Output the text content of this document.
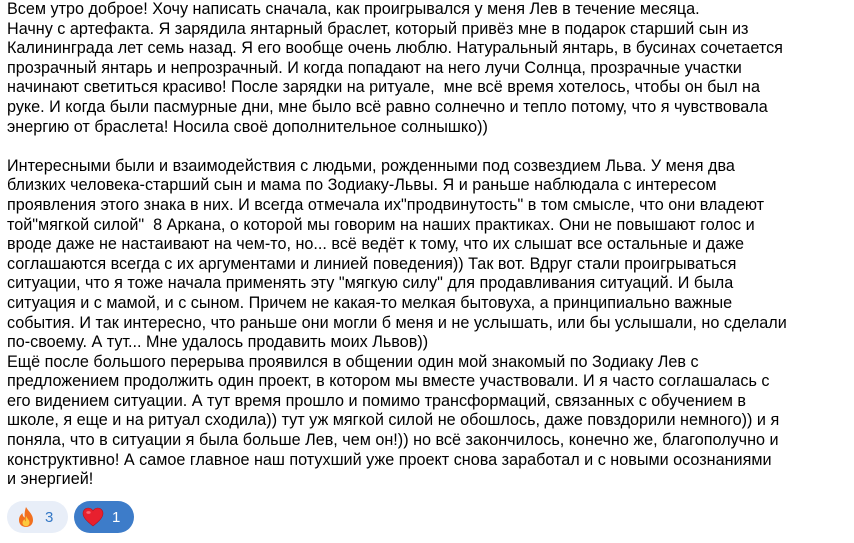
Всем утро доброе! Хочу написать сначала, как проигрывался у меня Лев в течение месяца.
Начну с артефакта. Я зарядила янтарный браслет, который привёз мне в подарок старший сын из
Калининграда лет семь назад. Я его вообще очень люблю. Натуральный янтарь, в бусинах сочетается
прозрачный янтарь и непрозрачный. И когда попадают на него лучи Солнца, прозрачные участки
начинают светиться красиво! После зарядки на ритуале,  мне всё время хотелось, чтобы он был на
руке. И когда были пасмурные дни, мне было всё равно солнечно и тепло потому, что я чувствовала
энергию от браслета! Носила своё дополнительное солнышко))
Интересными были и взаимодействия с людьми, рожденными под созвездием Льва. У меня два
близких человека-старший сын и мама по Зодиаку-Львы. Я и раньше наблюдала с интересом
проявления этого знака в них. И всегда отмечала их"продвинутость" в том смысле, что они владеют
той"мягкой силой"  8 Аркана, о которой мы говорим на наших практиках. Они не повышают голос и
вроде даже не настаивают на чем-то, но... всё ведёт к тому, что их слышат все остальные и даже
соглашаются всегда с их аргументами и линией поведения)) Так вот. Вдруг стали проигрываться
ситуации, что я тоже начала применять эту "мягкую силу" для продавливания ситуаций. И была
ситуация и с мамой, и с сыном. Причем не какая-то мелкая бытовуха, а принципиально важные
события. И так интересно, что раньше они могли б меня и не услышать, или бы услышали, но сделали
по-своему. А тут... Мне удалось продавить моих Львов))
Ещё после большого перерыва проявился в общении один мой знакомый по Зодиаку Лев с
предложением продолжить один проект, в котором мы вместе участвовали. И я часто соглашалась с
его видением ситуации. А тут время прошло и помимо трансформаций, связанных с обучением в
школе, я еще и на ритуал сходила)) тут уж мягкой силой не обошлось, даже повздорили немного)) и я
поняла, что в ситуации я была больше Лев, чем он!)) но всё закончилось, конечно же, благополучно и
конструктивно! А самое главное наш потухший уже проект снова заработал и с новыми осознаниями
и энергией!
3	1
